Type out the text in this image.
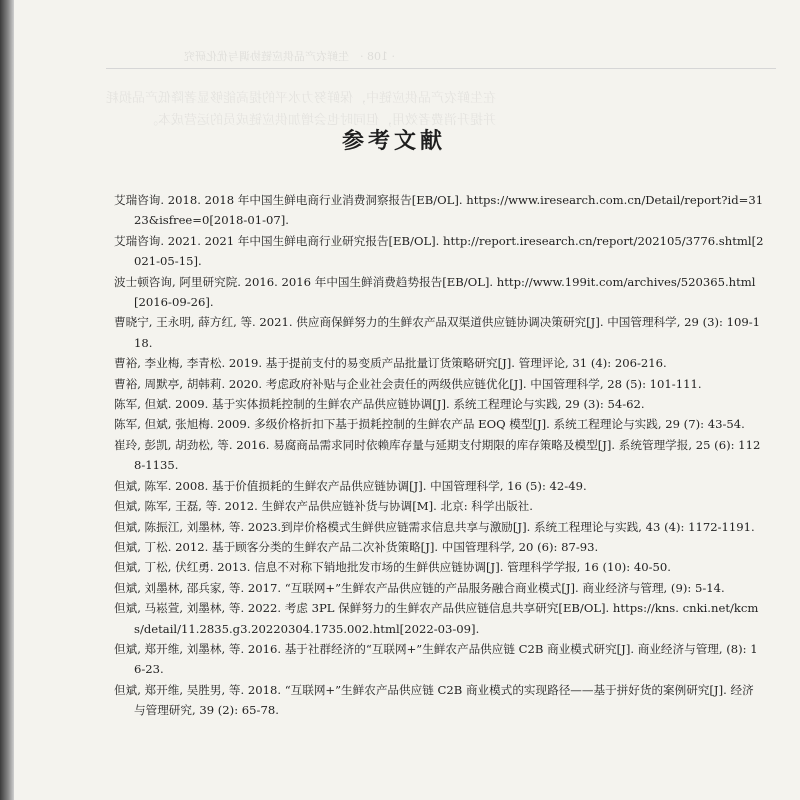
· 108 ·　生鲜农产品供应链协调与优化研究
在生鲜农产品供应链中，保鲜努力水平的提高能够显著降低产品损耗
并提升消费者效用，但同时也会增加供应链成员的运营成本。
参考文献
艾瑞咨询. 2018. 2018 年中国生鲜电商行业消费洞察报告[EB/OL]. https://www.iresearch.com.cn/Detail/report?id=3123&isfree=0[2018-01-07].
艾瑞咨询. 2021. 2021 年中国生鲜电商行业研究报告[EB/OL]. http://report.iresearch.cn/report/202105/3776.shtml[2021-05-15].
波士顿咨询, 阿里研究院. 2016. 2016 年中国生鲜消费趋势报告[EB/OL]. http://www.199it.com/archives/520365.html[2016-09-26].
曹晓宁, 王永明, 薛方红, 等. 2021. 供应商保鲜努力的生鲜农产品双渠道供应链协调决策研究[J]. 中国管理科学, 29 (3): 109-118.
曹裕, 李业梅, 李青松. 2019. 基于提前支付的易变质产品批量订货策略研究[J]. 管理评论, 31 (4): 206-216.
曹裕, 周默亭, 胡韩莉. 2020. 考虑政府补贴与企业社会责任的两级供应链优化[J]. 中国管理科学, 28 (5): 101-111.
陈军, 但斌. 2009. 基于实体损耗控制的生鲜农产品供应链协调[J]. 系统工程理论与实践, 29 (3): 54-62.
陈军, 但斌, 张旭梅. 2009. 多级价格折扣下基于损耗控制的生鲜农产品 EOQ 模型[J]. 系统工程理论与实践, 29 (7): 43-54.
崔玲, 彭凯, 胡劲松, 等. 2016. 易腐商品需求同时依赖库存量与延期支付期限的库存策略及模型[J]. 系统管理学报, 25 (6): 1128-1135.
但斌, 陈军. 2008. 基于价值损耗的生鲜农产品供应链协调[J]. 中国管理科学, 16 (5): 42-49.
但斌, 陈军, 王磊, 等. 2012. 生鲜农产品供应链补货与协调[M]. 北京: 科学出版社.
但斌, 陈振江, 刘墨林, 等. 2023.到岸价格模式生鲜供应链需求信息共享与激励[J]. 系统工程理论与实践, 43 (4): 1172-1191.
但斌, 丁松. 2012. 基于顾客分类的生鲜农产品二次补货策略[J]. 中国管理科学, 20 (6): 87-93.
但斌, 丁松, 伏红勇. 2013. 信息不对称下销地批发市场的生鲜供应链协调[J]. 管理科学学报, 16 (10): 40-50.
但斌, 刘墨林, 邵兵家, 等. 2017. “互联网+”生鲜农产品供应链的产品服务融合商业模式[J]. 商业经济与管理, (9): 5-14.
但斌, 马崧萱, 刘墨林, 等. 2022. 考虑 3PL 保鲜努力的生鲜农产品供应链信息共享研究[EB/OL]. https://kns. cnki.net/kcms/detail/11.2835.g3.20220304.1735.002.html[2022-03-09].
但斌, 郑开维, 刘墨林, 等. 2016. 基于社群经济的“互联网+”生鲜农产品供应链 C2B 商业模式研究[J]. 商业经济与管理, (8): 16-23.
但斌, 郑开维, 吴胜男, 等. 2018. “互联网+”生鲜农产品供应链 C2B 商业模式的实现路径——基于拼好货的案例研究[J]. 经济与管理研究, 39 (2): 65-78.
